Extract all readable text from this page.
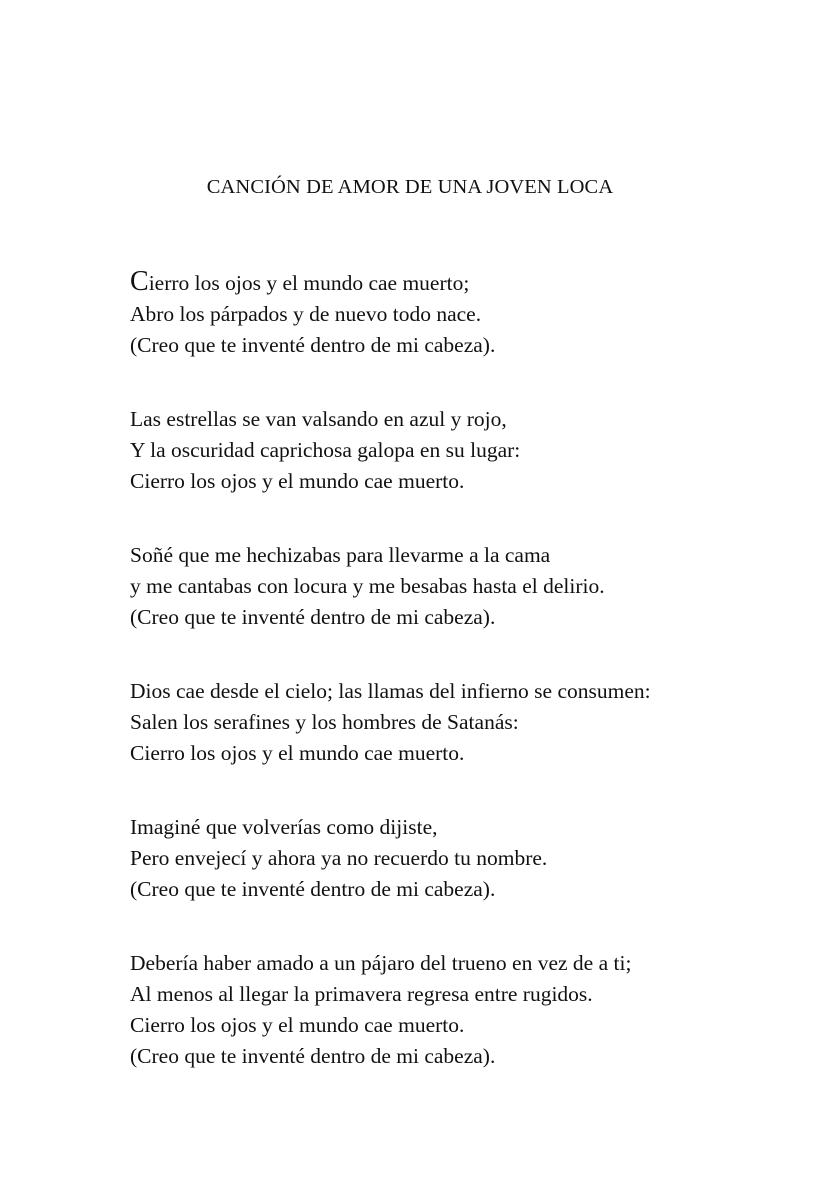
CANCIÓN DE AMOR DE UNA JOVEN LOCA
Cierro los ojos y el mundo cae muerto;
Abro los párpados y de nuevo todo nace.
(Creo que te inventé dentro de mi cabeza).
Las estrellas se van valsando en azul y rojo,
Y la oscuridad caprichosa galopa en su lugar:
Cierro los ojos y el mundo cae muerto.
Soñé que me hechizabas para llevarme a la cama
y me cantabas con locura y me besabas hasta el delirio.
(Creo que te inventé dentro de mi cabeza).
Dios cae desde el cielo; las llamas del infierno se consumen:
Salen los serafines y los hombres de Satanás:
Cierro los ojos y el mundo cae muerto.
Imaginé que volverías como dijiste,
Pero envejecí y ahora ya no recuerdo tu nombre.
(Creo que te inventé dentro de mi cabeza).
Debería haber amado a un pájaro del trueno en vez de a ti;
Al menos al llegar la primavera regresa entre rugidos.
Cierro los ojos y el mundo cae muerto.
(Creo que te inventé dentro de mi cabeza).
